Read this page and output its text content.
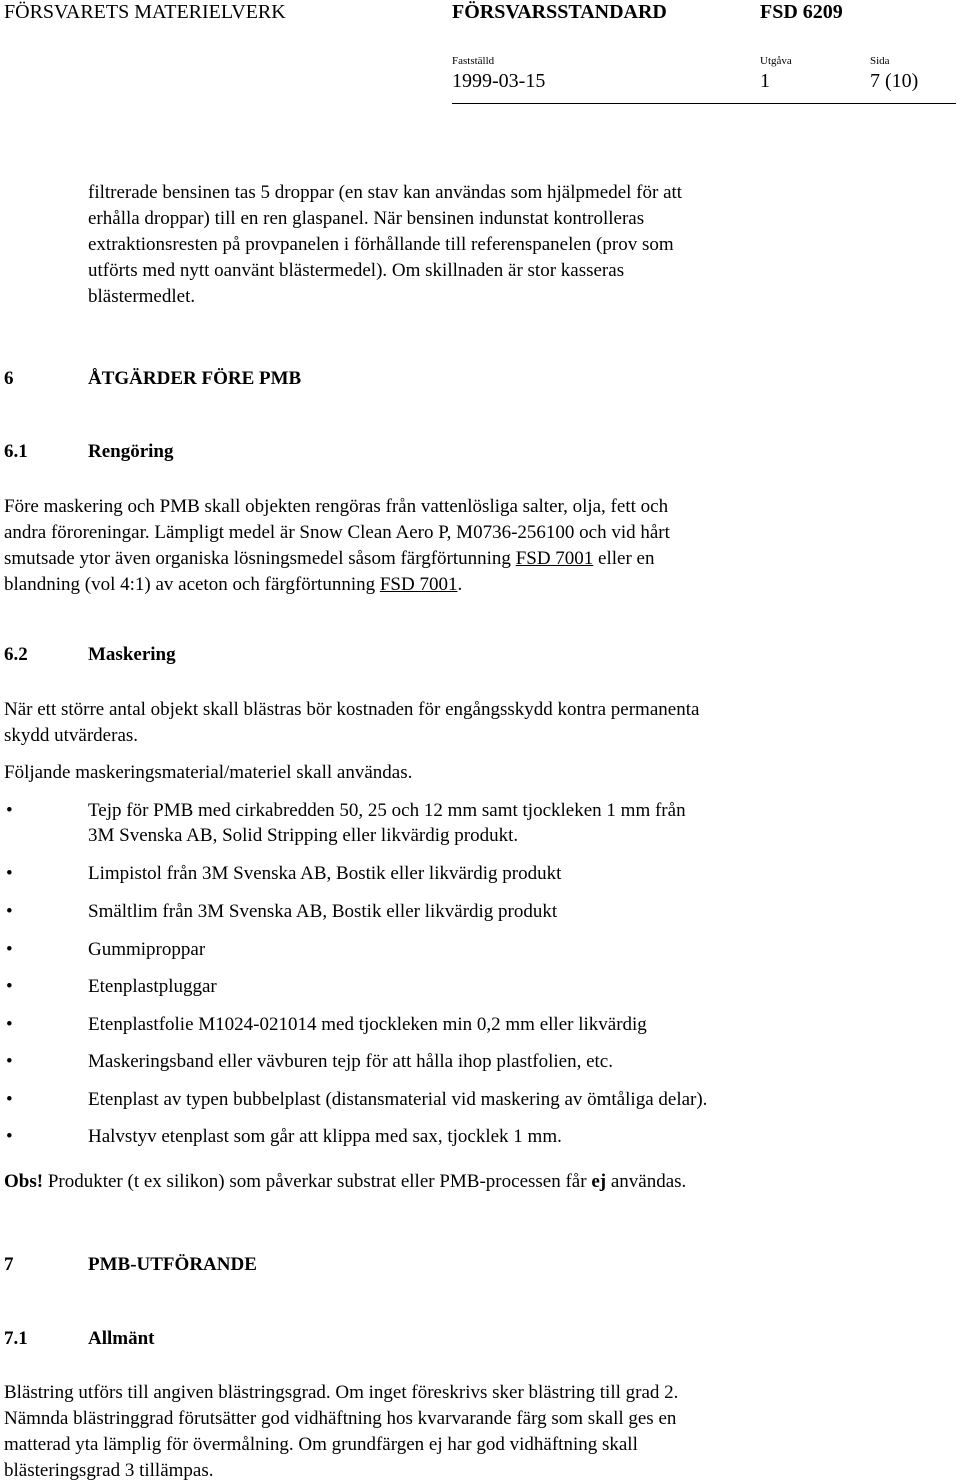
FÖRSVARETS MATERIELVERK	FÖRSVARSSTANDARD	FSD 6209
Fastställd	Utgåva	Sida
1999-03-15	1	7 (10)
filtrerade bensinen tas 5 droppar (en stav kan användas som hjälpmedel för att
erhålla droppar) till en ren glaspanel. När bensinen indunstat kontrolleras
extraktionsresten på provpanelen i förhållande till referenspanelen (prov som
utförts med nytt oanvänt blästermedel). Om skillnaden är stor kasseras
blästermedlet.
6	ÅTGÄRDER FÖRE PMB
6.1	Rengöring
Före maskering och PMB skall objekten rengöras från vattenlösliga salter, olja, fett och
andra föroreningar. Lämpligt medel är Snow Clean Aero P, M0736-256100 och vid hårt
smutsade ytor även organiska lösningsmedel såsom färgförtunning FSD 7001 eller en
blandning (vol 4:1) av aceton och färgförtunning FSD 7001.
6.2	Maskering
När ett större antal objekt skall blästras bör kostnaden för engångsskydd kontra permanenta
skydd utvärderas.
Följande maskeringsmaterial/materiel skall användas.
•	Tejp för PMB med cirkabredden 50, 25 och 12 mm samt tjockleken 1 mm från
3M Svenska AB, Solid Stripping eller likvärdig produkt.
•	Limpistol från 3M Svenska AB, Bostik eller likvärdig produkt
•	Smältlim från 3M Svenska AB, Bostik eller likvärdig produkt
•	Gummiproppar
•	Etenplastpluggar
•	Etenplastfolie M1024-021014 med tjockleken min 0,2 mm eller likvärdig
•	Maskeringsband eller vävburen tejp för att hålla ihop plastfolien, etc.
•	Etenplast av typen bubbelplast (distansmaterial vid maskering av ömtåliga delar).
•	Halvstyv etenplast som går att klippa med sax, tjocklek 1 mm.
Obs! Produkter (t ex silikon) som påverkar substrat eller PMB-processen får ej användas.
7	PMB-UTFÖRANDE
7.1	Allmänt
Blästring utförs till angiven blästringsgrad. Om inget föreskrivs sker blästring till grad 2.
Nämnda blästringgrad förutsätter god vidhäftning hos kvarvarande färg som skall ges en
matterad yta lämplig för övermålning. Om grundfärgen ej har god vidhäftning skall
blästeringsgrad 3 tillämpas.
